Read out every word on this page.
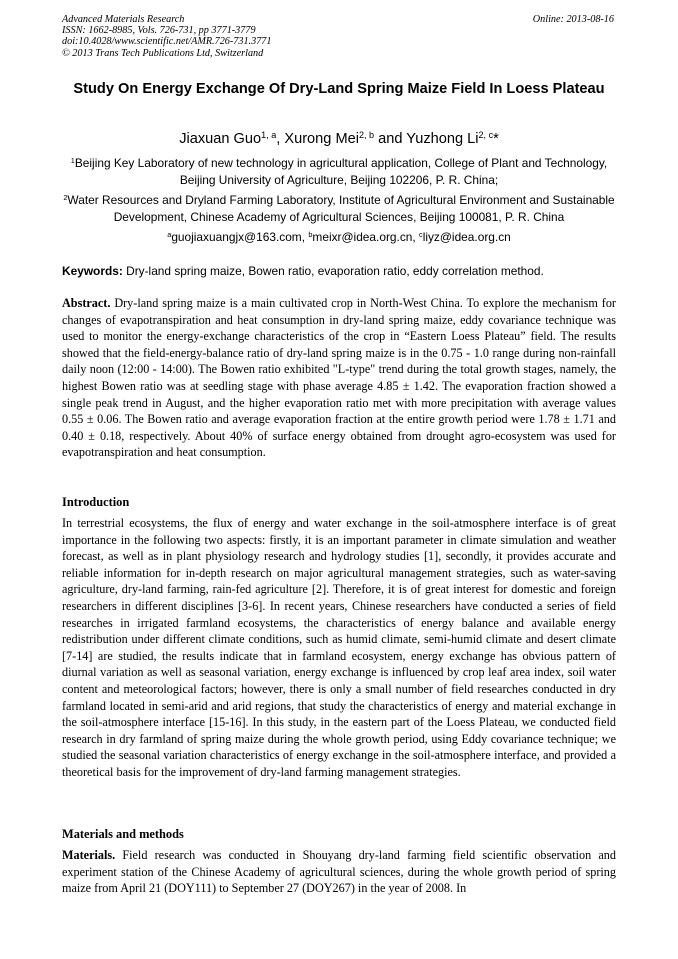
Advanced Materials Research
ISSN: 1662-8985, Vols. 726-731, pp 3771-3779
doi:10.4028/www.scientific.net/AMR.726-731.3771
© 2013 Trans Tech Publications Ltd, Switzerland
Online: 2013-08-16
Study On Energy Exchange Of Dry-Land Spring Maize Field In Loess Plateau
Jiaxuan Guo$^{1, a}$, Xurong Mei$^{2, b}$ and Yuzhong Li$^{2, c}$*
$^1$Beijing Key Laboratory of new technology in agricultural application, College of Plant and Technology, Beijing University of Agriculture, Beijing 102206, P. R. China;
$^2$Water Resources and Dryland Farming Laboratory, Institute of Agricultural Environment and Sustainable Development, Chinese Academy of Agricultural Sciences, Beijing 100081, P. R. China
$^a$guojiaxuangjx@163.com, $^b$meixr@idea.org.cn, $^c$liyz@idea.org.cn
Keywords: Dry-land spring maize, Bowen ratio, evaporation ratio, eddy correlation method.
Abstract. Dry-land spring maize is a main cultivated crop in North-West China. To explore the mechanism for changes of evapotranspiration and heat consumption in dry-land spring maize, eddy covariance technique was used to monitor the energy-exchange characteristics of the crop in “Eastern Loess Plateau” field. The results showed that the field-energy-balance ratio of dry-land spring maize is in the 0.75 - 1.0 range during non-rainfall daily noon (12:00 - 14:00). The Bowen ratio exhibited "L-type" trend during the total growth stages, namely, the highest Bowen ratio was at seedling stage with phase average 4.85 ± 1.42. The evaporation fraction showed a single peak trend in August, and the higher evaporation ratio met with more precipitation with average values 0.55 ± 0.06. The Bowen ratio and average evaporation fraction at the entire growth period were 1.78 ± 1.71 and 0.40 ± 0.18, respectively. About 40% of surface energy obtained from drought agro-ecosystem was used for evapotranspiration and heat consumption.
Introduction
In terrestrial ecosystems, the flux of energy and water exchange in the soil-atmosphere interface is of great importance in the following two aspects: firstly, it is an important parameter in climate simulation and weather forecast, as well as in plant physiology research and hydrology studies [1], secondly, it provides accurate and reliable information for in-depth research on major agricultural management strategies, such as water-saving agriculture, dry-land farming, rain-fed agriculture [2]. Therefore, it is of great interest for domestic and foreign researchers in different disciplines [3-6]. In recent years, Chinese researchers have conducted a series of field researches in irrigated farmland ecosystems, the characteristics of energy balance and available energy redistribution under different climate conditions, such as humid climate, semi-humid climate and desert climate [7-14] are studied, the results indicate that in farmland ecosystem, energy exchange has obvious pattern of diurnal variation as well as seasonal variation, energy exchange is influenced by crop leaf area index, soil water content and meteorological factors; however, there is only a small number of field researches conducted in dry farmland located in semi-arid and arid regions, that study the characteristics of energy and material exchange in the soil-atmosphere interface [15-16]. In this study, in the eastern part of the Loess Plateau, we conducted field research in dry farmland of spring maize during the whole growth period, using Eddy covariance technique; we studied the seasonal variation characteristics of energy exchange in the soil-atmosphere interface, and provided a theoretical basis for the improvement of dry-land farming management strategies.
Materials and methods
Materials. Field research was conducted in Shouyang dry-land farming field scientific observation and experiment station of the Chinese Academy of agricultural sciences, during the whole growth period of spring maize from April 21 (DOY111) to September 27 (DOY267) in the year of 2008. In
